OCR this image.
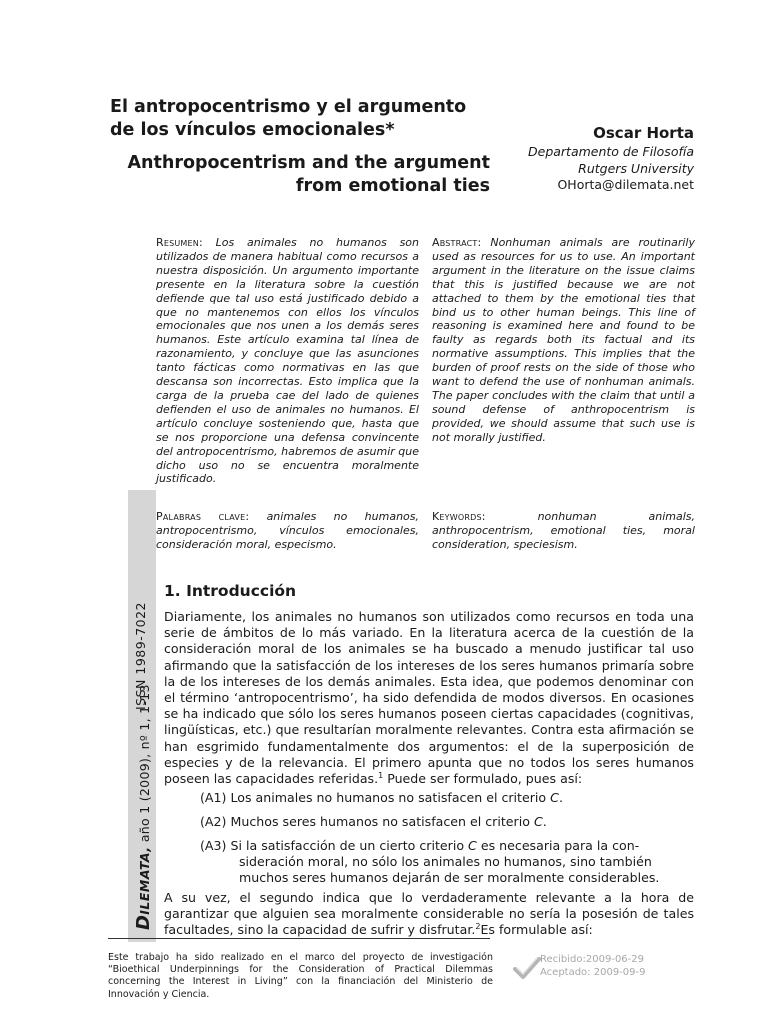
El antropocentrismo y el argumento
de los vínculos emocionales*
Anthropocentrism and the argument
from emotional ties
Oscar Horta
Departamento de Filosofía
Rutgers University
OHorta@dilemata.net
Resumen: Los animales no humanos son utilizados de manera habitual como recursos a nuestra disposición. Un argumento importante presente en la literatura sobre la cuestión defiende que tal uso está justificado debido a que no mantenemos con ellos los vínculos emocionales que nos unen a los demás seres humanos. Este artículo examina tal línea de razonamiento, y concluye que las asunciones tanto fácticas como normativas en las que descansa son incorrectas. Esto implica que la carga de la prueba cae del lado de quienes defienden el uso de animales no humanos. El artículo concluye sosteniendo que, hasta que se nos proporcione una defensa convincente del antropocentrismo, habremos de asumir que dicho uso no se encuentra moralmente justificado.
Abstract: Nonhuman animals are routinarily used as resources for us to use. An important argument in the literature on the issue claims that this is justified because we are not attached to them by the emotional ties that bind us to other human beings. This line of reasoning is examined here and found to be faulty as regards both its factual and its normative assumptions. This implies that the burden of proof rests on the side of those who want to defend the use of nonhuman animals. The paper concludes with the claim that until a sound defense of anthropocentrism is provided, we should assume that such use is not morally justified.
Palabras clave: animales no humanos, antropocentrismo, vínculos emocionales, consideración moral, especismo.
Keywords:	nonhuman animals, anthropocentrism, emotional ties, moral consideration, speciesism.
ISSN 1989-7022
DILEMATA, año 1 (2009), nº 1, 1-13
1. Introducción
Diariamente, los animales no humanos son utilizados como recursos en toda una serie de ámbitos de lo más variado. En la literatura acerca de la cuestión de la consideración moral de los animales se ha buscado a menudo justificar tal uso afirmando que la satisfacción de los intereses de los seres humanos primaría sobre la de los intereses de los demás animales. Esta idea, que podemos denominar con el término ‘antropocentrismo’, ha sido defendida de modos diversos. En ocasiones se ha indicado que sólo los seres humanos poseen ciertas capacidades (cognitivas, lingüísticas, etc.) que resultarían moralmente relevantes. Contra esta afirmación se han esgrimido fundamentalmente dos argumentos: el de la superposición de especies y de la relevancia. El primero apunta que no todos los seres humanos poseen las capacidades referidas.$^1$ Puede ser formulado, pues así:
(A1) Los animales no humanos no satisfacen el criterio C.
(A2) Muchos seres humanos no satisfacen el criterio C.
(A3) Si la satisfacción de un cierto criterio C es necesaria para la con-
sideración moral, no sólo los animales no humanos, sino también
muchos seres humanos dejarán de ser moralmente considerables.
A su vez, el segundo indica que lo verdaderamente relevante a la hora de garantizar que alguien sea moralmente considerable no sería la posesión de tales facultades, sino la capacidad de sufrir y disfrutar.$^2$Es formulable así:
Este trabajo ha sido realizado en el marco del proyecto de investigación “Bioethical Underpinnings for the Consideration of Practical Dilemmas concerning the Interest in Living” con la financiación del Ministerio de Innovación y Ciencia.
Recibido:2009-06-29
Aceptado: 2009-09-9
